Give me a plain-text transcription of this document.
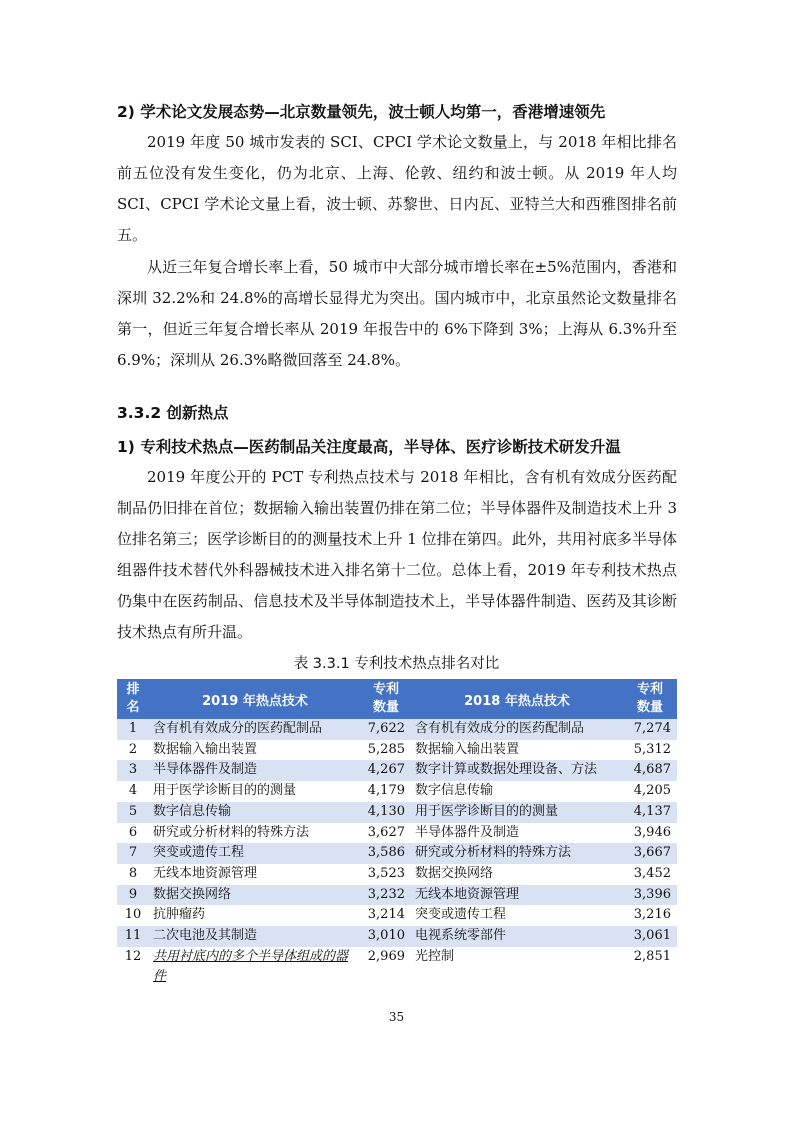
2) 学术论文发展态势—北京数量领先，波士顿人均第一，香港增速领先

2019 年度 50 城市发表的 SCI、CPCI 学术论文数量上，与 2018 年相比排名前五位没有发生变化，仍为北京、上海、伦敦、纽约和波士顿。从 2019 年人均 SCI、CPCI 学术论文量上看，波士顿、苏黎世、日内瓦、亚特兰大和西雅图排名前五。

从近三年复合增长率上看，50 城市中大部分城市增长率在±5%范围内，香港和深圳 32.2%和 24.8%的高增长显得尤为突出。国内城市中，北京虽然论文数量排名第一，但近三年复合增长率从 2019 年报告中的 6%下降到 3%；上海从 6.3%升至 6.9%；深圳从 26.3%略微回落至 24.8%。

3.3.2 创新热点
1) 专利技术热点—医药制品关注度最高，半导体、医疗诊断技术研发升温

2019 年度公开的 PCT 专利热点技术与 2018 年相比，含有机有效成分医药配制品仍旧排在首位；数据输入输出装置仍排在第二位；半导体器件及制造技术上升 3 位排名第三；医学诊断目的的测量技术上升 1 位排在第四。此外，共用衬底多半导体组器件技术替代外科器械技术进入排名第十二位。总体上看，2019 年专利技术热点仍集中在医药制品、信息技术及半导体制造技术上，半导体器件制造、医药及其诊断技术热点有所升温。

表 3.3.1 专利技术热点排名对比
排名	2019 年热点技术	专利数量	2018 年热点技术	专利数量

1	含有机有效成分的医药配制品	7,622	含有机有效成分的医药配制品	7,274
2	数据输入输出装置	5,285	数据输入输出装置	5,312
3	半导体器件及制造	4,267	数字计算或数据处理设备、方法	4,687
4	用于医学诊断目的的测量	4,179	数字信息传输	4,205
5	数字信息传输	4,130	用于医学诊断目的的测量	4,137
6	研究或分析材料的特殊方法	3,627	半导体器件及制造	3,946
7	突变或遗传工程	3,586	研究或分析材料的特殊方法	3,667
8	无线本地资源管理	3,523	数据交换网络	3,452
9	数据交换网络	3,232	无线本地资源管理	3,396
10	抗肿瘤药	3,214	突变或遗传工程	3,216
11	二次电池及其制造	3,010	电视系统零部件	3,061
12	共用衬底内的多个半导体组成的器件	2,969	光控制	2,851
35
